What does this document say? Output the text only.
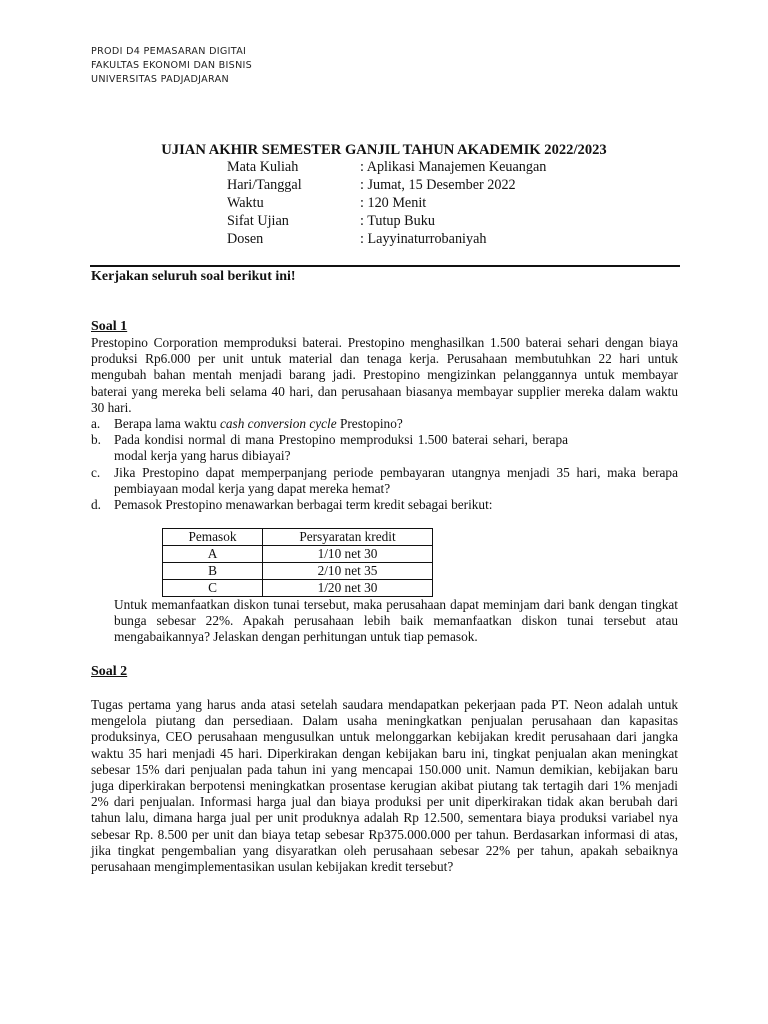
PRODI D4 PEMASARAN DIGITAI
FAKULTAS EKONOMI DAN BISNIS
UNIVERSITAS PADJADJARAN
UJIAN AKHIR SEMESTER GANJIL TAHUN AKADEMIK 2022/2023
Mata Kuliah	: Aplikasi Manajemen Keuangan
Hari/Tanggal	: Jumat, 15 Desember 2022
Waktu	: 120 Menit
Sifat Ujian	: Tutup Buku
Dosen	: Layyinaturrobaniyah
Kerjakan seluruh soal berikut ini!
Soal 1
Prestopino Corporation memproduksi baterai. Prestopino menghasilkan 1.500 baterai sehari dengan biaya produksi Rp6.000 per unit untuk material dan tenaga kerja. Perusahaan membutuhkan 22 hari untuk mengubah bahan mentah menjadi barang jadi. Prestopino mengizinkan pelanggannya untuk membayar baterai yang mereka beli selama 40 hari, dan perusahaan biasanya membayar supplier mereka dalam waktu 30 hari.
a.	Berapa lama waktu cash conversion cycle Prestopino?
b. Pada kondisi normal di mana Prestopino memproduksi 1.500 baterai sehari, berapa modal kerja yang harus dibiayai?
c.	Jika Prestopino dapat memperpanjang periode pembayaran utangnya menjadi 35 hari, maka berapa pembiayaan modal kerja yang dapat mereka hemat?
d. Pemasok Prestopino menawarkan berbagai term kredit sebagai berikut:
Pemasok	Persyaratan kredit
A	1/10 net 30
B	2/10 net 35
C	1/20 net 30
Untuk memanfaatkan diskon tunai tersebut, maka perusahaan dapat meminjam dari bank dengan tingkat bunga sebesar 22%. Apakah perusahaan lebih baik memanfaatkan diskon tunai tersebut atau mengabaikannya? Jelaskan dengan perhitungan untuk tiap pemasok.
Soal 2
Tugas pertama yang harus anda atasi setelah saudara mendapatkan pekerjaan pada PT. Neon adalah untuk mengelola piutang dan persediaan. Dalam usaha meningkatkan penjualan perusahaan dan kapasitas produksinya, CEO perusahaan mengusulkan untuk melonggarkan kebijakan kredit perusahaan dari jangka waktu 35 hari menjadi 45 hari. Diperkirakan dengan kebijakan baru ini, tingkat penjualan akan meningkat sebesar 15% dari penjualan pada tahun ini yang mencapai 150.000 unit. Namun demikian, kebijakan baru juga diperkirakan berpotensi meningkatkan prosentase kerugian akibat piutang tak tertagih dari 1% menjadi 2% dari penjualan. Informasi harga jual dan biaya produksi per unit diperkirakan tidak akan berubah dari tahun lalu, dimana harga jual per unit produknya adalah Rp 12.500, sementara biaya produksi variabel nya sebesar Rp. 8.500 per unit dan biaya tetap sebesar Rp375.000.000 per tahun. Berdasarkan informasi di atas, jika tingkat pengembalian yang disyaratkan oleh perusahaan sebesar 22% per tahun, apakah sebaiknya perusahaan mengimplementasikan usulan kebijakan kredit tersebut?
